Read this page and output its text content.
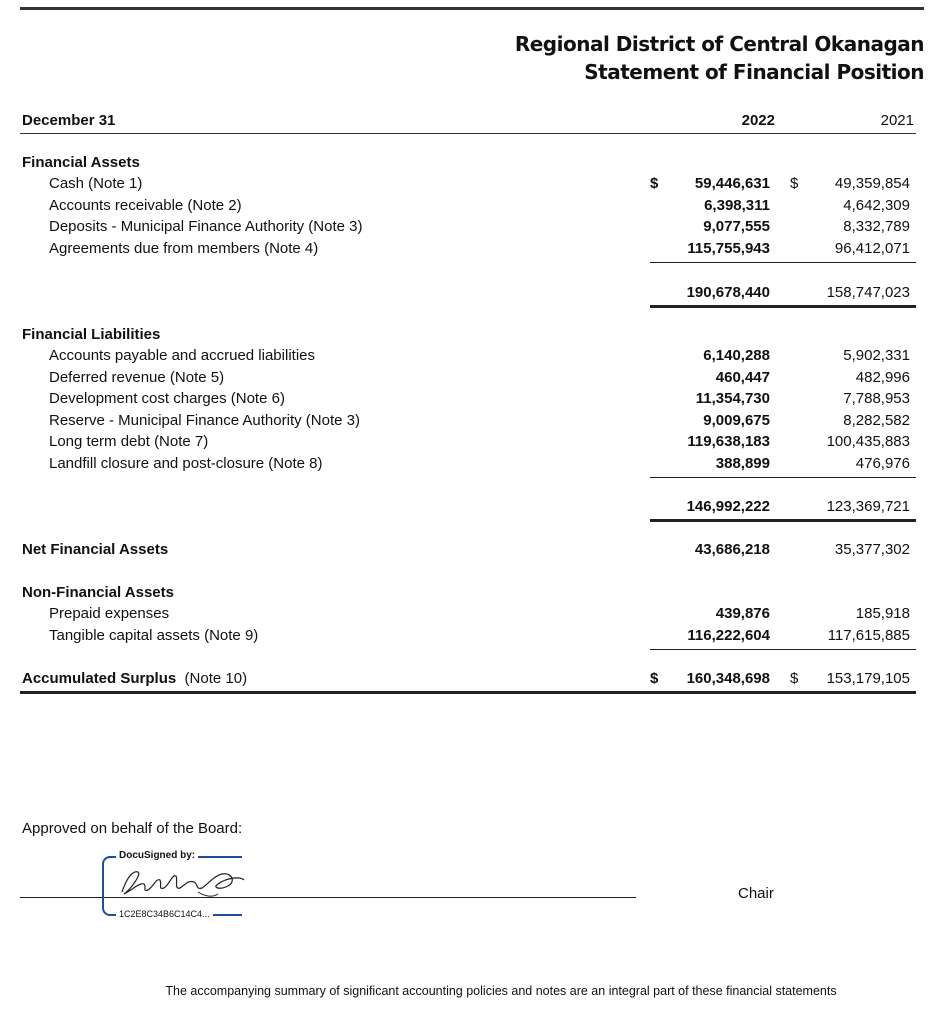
Regional District of Central Okanagan
Statement of Financial Position
December 31	2022	2021
Financial Assets
Cash (Note 1)	$ 59,446,631 $ 49,359,854
Accounts receivable (Note 2)	6,398,311	4,642,309
Deposits - Municipal Finance Authority (Note 3)	9,077,555	8,332,789
Agreements due from members (Note 4)	115,755,943	96,412,071
190,678,440	158,747,023
Financial Liabilities
Accounts payable and accrued liabilities	6,140,288	5,902,331
Deferred revenue (Note 5)	460,447	482,996
Development cost charges (Note 6)	11,354,730	7,788,953
Reserve - Municipal Finance Authority (Note 3)	9,009,675	8,282,582
Long term debt (Note 7)	119,638,183	100,435,883
Landfill closure and post-closure (Note 8)	388,899	476,976
146,992,222	123,369,721
Net Financial Assets	43,686,218	35,377,302
Non-Financial Assets
Prepaid expenses	439,876	185,918
Tangible capital assets (Note 9)	116,222,604	117,615,885
Accumulated Surplus (Note 10)	$ 160,348,698 $ 153,179,105
Approved on behalf of the Board:
DocuSigned by:
1C2E8C34B6C14C4...
Chair
The accompanying summary of significant accounting policies and notes are an integral part of these financial statements
